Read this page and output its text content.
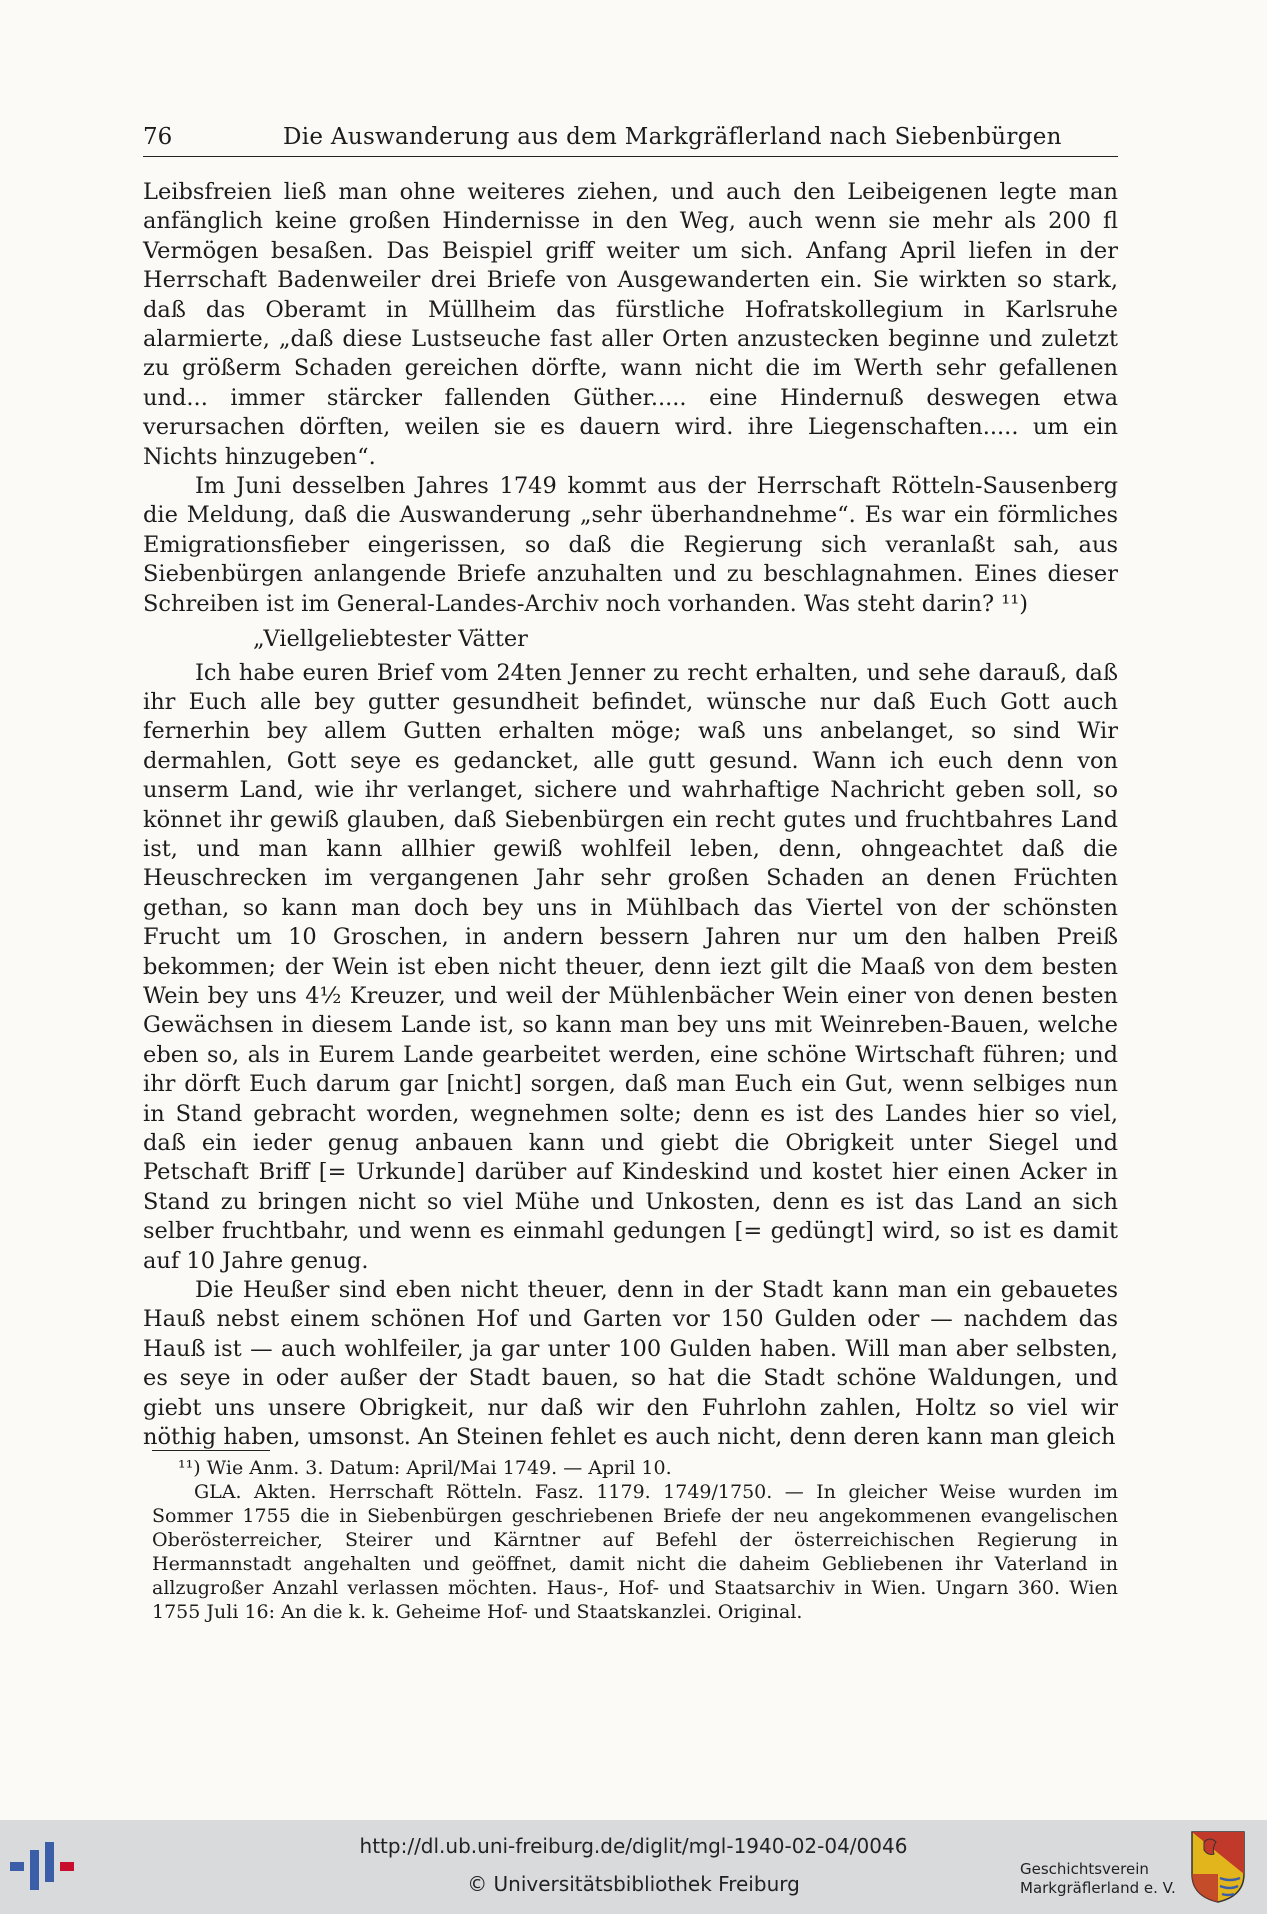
76	Die Auswanderung aus dem Markgräflerland nach Siebenbürgen

Leibsfreien ließ man ohne weiteres ziehen, und auch den Leibeigenen legte man anfänglich keine großen Hindernisse in den Weg, auch wenn sie mehr als 200 fl Vermögen besaßen. Das Beispiel griff weiter um sich. Anfang April liefen in der Herrschaft Badenweiler drei Briefe von Ausgewanderten ein. Sie wirkten so stark, daß das Oberamt in Müllheim das fürstliche Hofratskollegium in Karlsruhe alarmierte, „daß diese Lustseuche fast aller Orten anzustecken beginne und zuletzt zu größerm Schaden gereichen dörfte, wann nicht die im Werth sehr gefallenen und... immer stärcker fallenden Güther..... eine Hindernuß deswegen etwa verursachen dörften, weilen sie es dauern wird. ihre Liegenschaften..... um ein Nichts hinzugeben“.

Im Juni desselben Jahres 1749 kommt aus der Herrschaft Rötteln-Sausenberg die Meldung, daß die Auswanderung „sehr überhandnehme“. Es war ein förmliches Emigrationsfieber eingerissen, so daß die Regierung sich veranlaßt sah, aus Siebenbürgen anlangende Briefe anzuhalten und zu beschlagnahmen. Eines dieser Schreiben ist im General-Landes-Archiv noch vorhanden. Was steht darin? ¹¹)

„Viellgeliebtester Vätter

Ich habe euren Brief vom 24ten Jenner zu recht erhalten, und sehe darauß, daß ihr Euch alle bey gutter gesundheit befindet, wünsche nur daß Euch Gott auch fernerhin bey allem Gutten erhalten möge; waß uns anbelanget, so sind Wir dermahlen, Gott seye es gedancket, alle gutt gesund. Wann ich euch denn von unserm Land, wie ihr verlanget, sichere und wahrhaftige Nachricht geben soll, so könnet ihr gewiß glauben, daß Siebenbürgen ein recht gutes und fruchtbahres Land ist, und man kann allhier gewiß wohlfeil leben, denn, ohngeachtet daß die Heuschrecken im vergangenen Jahr sehr großen Schaden an denen Früchten gethan, so kann man doch bey uns in Mühlbach das Viertel von der schönsten Frucht um 10 Groschen, in andern bessern Jahren nur um den halben Preiß bekommen; der Wein ist eben nicht theuer, denn iezt gilt die Maaß von dem besten Wein bey uns 4½ Kreuzer, und weil der Mühlenbächer Wein einer von denen besten Gewächsen in diesem Lande ist, so kann man bey uns mit Weinreben-Bauen, welche eben so, als in Eurem Lande gearbeitet werden, eine schöne Wirtschaft führen; und ihr dörft Euch darum gar [nicht] sorgen, daß man Euch ein Gut, wenn selbiges nun in Stand gebracht worden, wegnehmen solte; denn es ist des Landes hier so viel, daß ein ieder genug anbauen kann und giebt die Obrigkeit unter Siegel und Petschaft Briff [= Urkunde] darüber auf Kindeskind und kostet hier einen Acker in Stand zu bringen nicht so viel Mühe und Unkosten, denn es ist das Land an sich selber fruchtbahr, und wenn es einmahl gedungen [= gedüngt] wird, so ist es damit auf 10 Jahre genug.

Die Heußer sind eben nicht theuer, denn in der Stadt kann man ein gebauetes Hauß nebst einem schönen Hof und Garten vor 150 Gulden oder — nachdem das Hauß ist — auch wohlfeiler, ja gar unter 100 Gulden haben. Will man aber selbsten, es seye in oder außer der Stadt bauen, so hat die Stadt schöne Waldungen, und giebt uns unsere Obrigkeit, nur daß wir den Fuhrlohn zahlen, Holtz so viel wir nöthig haben, umsonst. An Steinen fehlet es auch nicht, denn deren kann man gleich

¹¹) Wie Anm. 3. Datum: April/Mai 1749. — April 10.

GLA. Akten. Herrschaft Rötteln. Fasz. 1179. 1749/1750. — In gleicher Weise wurden im Sommer 1755 die in Siebenbürgen geschriebenen Briefe der neu angekommenen evangelischen Oberösterreicher, Steirer und Kärntner auf Befehl der österreichischen Regierung in Hermannstadt angehalten und geöffnet, damit nicht die daheim Gebliebenen ihr Vaterland in allzugroßer Anzahl verlassen möchten. Haus-, Hof- und Staatsarchiv in Wien. Ungarn 360. Wien 1755 Juli 16: An die k. k. Geheime Hof- und Staatskanzlei. Original.

http://dl.ub.uni-freiburg.de/diglit/mgl-1940-02-04/0046
© Universitätsbibliothek Freiburg
Geschichtsverein
Markgräflerland e. V.
